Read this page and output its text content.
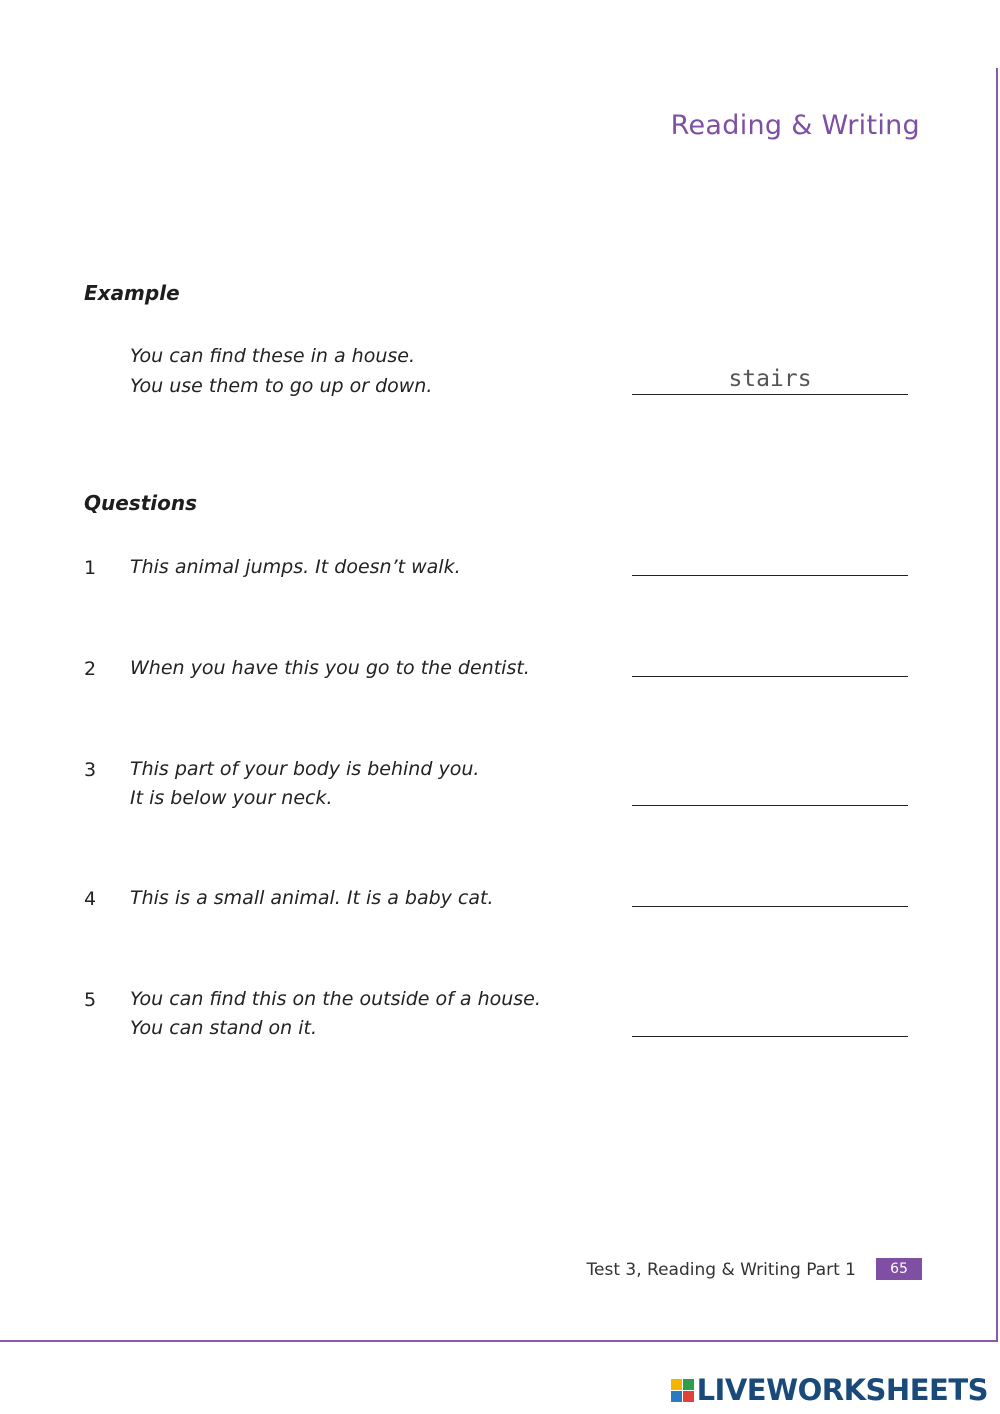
Reading & Writing
Example

You can find these in a house.

You use them to go up or down.	stairs
Questions
1 This animal jumps. It doesn’t walk.

2 When you have this you go to the dentist.

3 This part of your body is behind you.

It is below your neck.

4 This is a small animal. It is a baby cat.

5 You can find this on the outside of a house.

You can stand on it.

Test 3, Reading & Writing Part 1	65
LIVEWORKSHEETS
